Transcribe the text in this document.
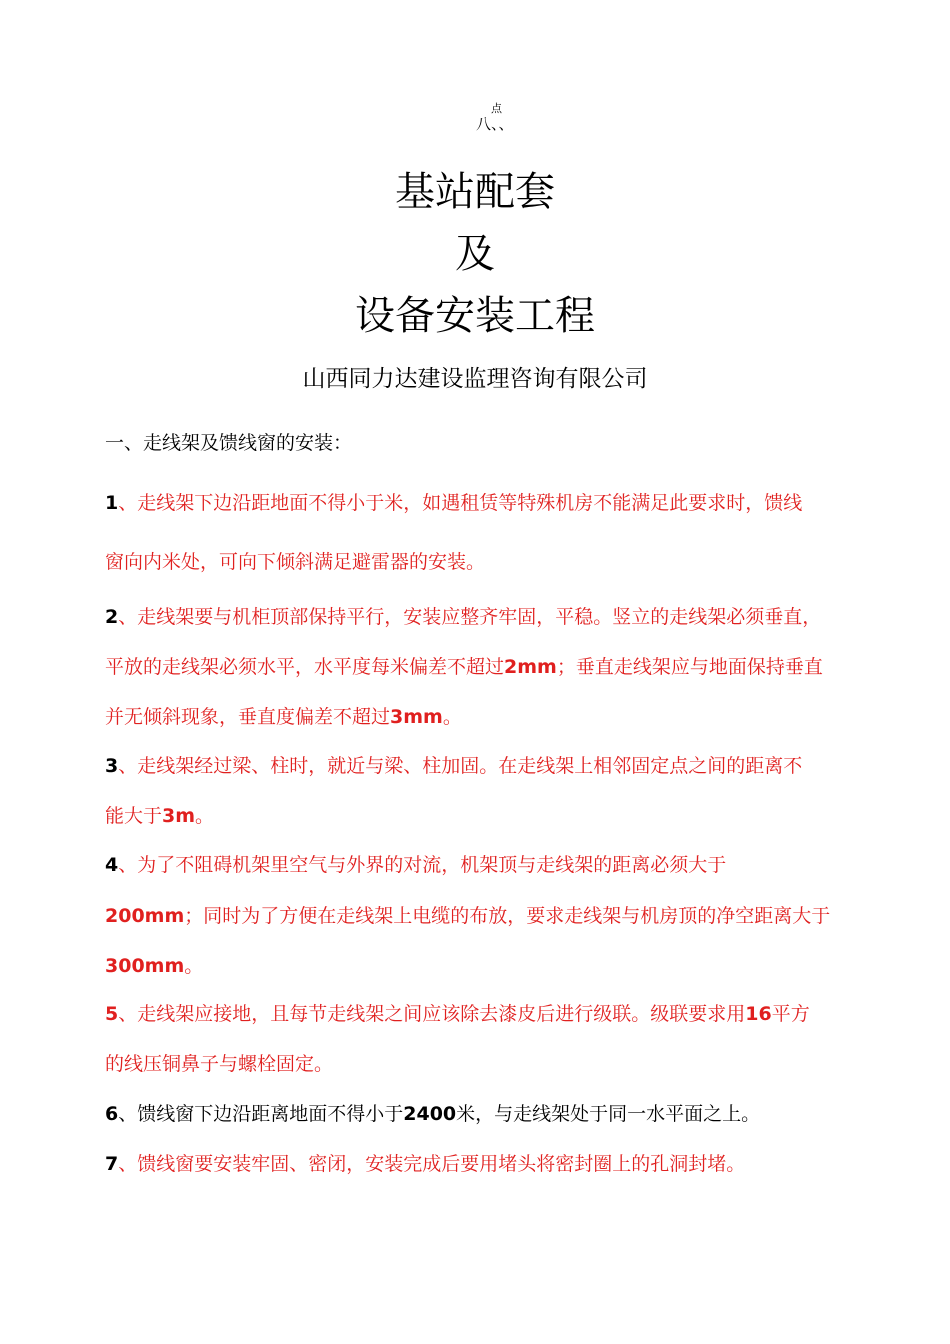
点
八、、
基站配套
及
设备安装工程
山西同力达建设监理咨询有限公司
一、走线架及馈线窗的安装：
1、走线架下边沿距地面不得小于米，如遇租赁等特殊机房不能满足此要求时，馈线
窗向内米处，可向下倾斜满足避雷器的安装。
2、走线架要与机柜顶部保持平行，安装应整齐牢固，平稳。竖立的走线架必须垂直，
平放的走线架必须水平，水平度每米偏差不超过2mm；垂直走线架应与地面保持垂直
并无倾斜现象，垂直度偏差不超过3mm。
3、走线架经过梁、柱时，就近与梁、柱加固。在走线架上相邻固定点之间的距离不
能大于3m。
4、为了不阻碍机架里空气与外界的对流，机架顶与走线架的距离必须大于
200mm；同时为了方便在走线架上电缆的布放，要求走线架与机房顶的净空距离大于
300mm。
5、走线架应接地，且每节走线架之间应该除去漆皮后进行级联。级联要求用16平方
的线压铜鼻子与螺栓固定。
6、馈线窗下边沿距离地面不得小于2400米，与走线架处于同一水平面之上。
7、馈线窗要安装牢固、密闭，安装完成后要用堵头将密封圈上的孔洞封堵。
